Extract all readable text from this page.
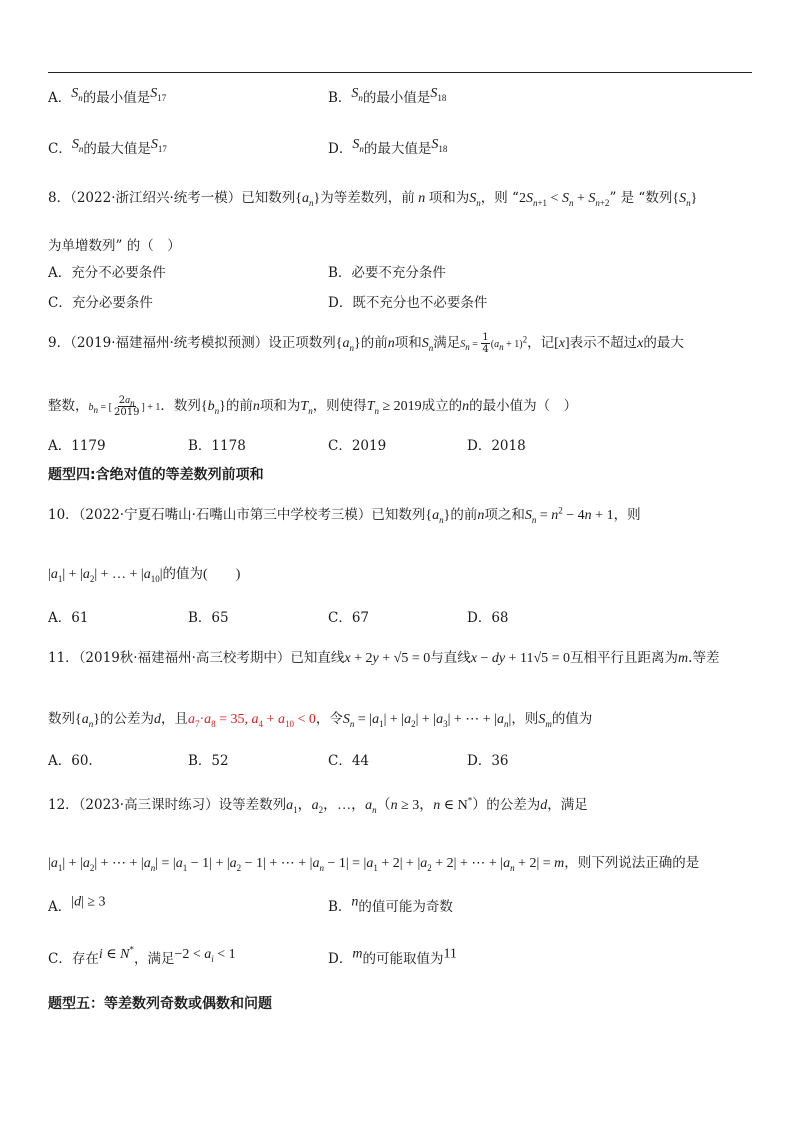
A．$^{S_n}$的最小值是$^{S_{17}}$	B．$^{S_n}$的最小值是$^{S_{18}}$
C．$^{S_n}$的最大值是$^{S_{17}}$	D．$^{S_n}$的最大值是$^{S_{18}}$
8．（2022·浙江绍兴·统考一模）已知数列$\{a_n\}$为等差数列，前 n 项和为$S_n$，则 “$2S_{n+1} < S_n + S_{n+2}$” 是 “数列$\{S_n\}$
为单增数列” 的（　）
A．充分不必要条件	B．必要不充分条件
C．充分必要条件	D．既不充分也不必要条件
9．（2019·福建福州·统考模拟预测）设正项数列$\{a_n\}$的前n项和$S_n$满足$S_n = \frac{1}{4} (a_n + 1)^2$，记[x]表示不超过x的最大
整数，$b_n$ = [ $\frac{2a_n}{2019}$ ] + 1．数列$\{b_n\}$的前n项和为$T_n$，则使得$T_n \ge 2019$成立的n的最小值为（　）
A．1179	B．1178	C．2019	D．2018
题型四:含绝对值的等差数列前项和
10．（2022·宁夏石嘴山·石嘴山市第三中学校考三模）已知数列$\{a_n\}$的前n项之和$S_n = n^2 - 4n + 1$，则
$|a_1| + |a_2|$ + … + $|a_{10}|$的值为(　　)
A．61	B．65	C．67	D．68
11．（2019秋·福建福州·高三校考期中）已知直线x + 2y + √5 = 0与直线x − dy + 11√5 = 0互相平行且距离为m.等差
数列$\{a_n\}$的公差为d，且$a_7\cdot a_8 = 35$, $a_4 + a_{10} < 0$，令$S_n = |a_1| + |a_2| + |a_3|$ + ⋯ + $|a_n|$，则$S_m$的值为
A．60.	B．52	C．44	D．36
12．（2023·高三课时练习）设等差数列$a_1$，$a_2$，…，$a_n(n \ge 3$，n ∈ N*）的公差为d，满足
$|a_1| + |a_2|$ + ⋯ + $|a_n| = |a_1 - 1| + |a_2 - 1|$ + ⋯ + $|a_n - 1| = |a_1 + 2| + |a_2 + 2|$ + ⋯ + $|a_n + 2| = m$，则下列说法正确的是
A．$^{|d| \ge 3}$	B．$^n$的值可能为奇数
C．存在$^{i \in N^*}$，满足$^{-2 < a_i < 1}$	D．$^m$的可能取值为$^{11}$
题型五：等差数列奇数或偶数和问题
